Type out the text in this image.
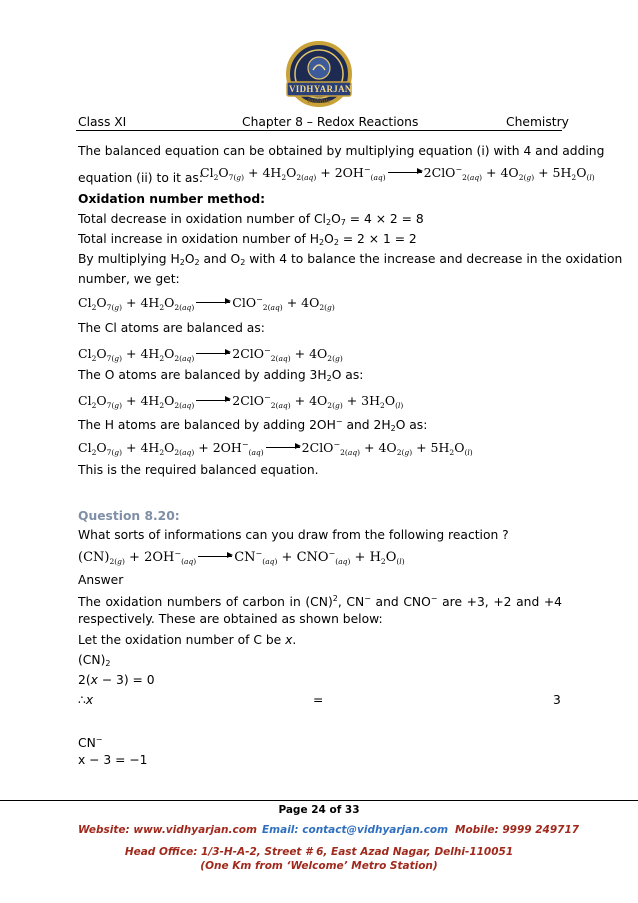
VIDHYARJAN
Institute
Class XI	Chapter 8 – Redox Reactions	Chemistry
The balanced equation can be obtained by multiplying equation (i) with 4 and adding
equation (ii) to it as:
$Cl_2O_{7(g)} + 4H_2O_{2(aq)} + 2OH^-_{(aq)}$	$2ClO^-_{2(aq)} + 4O_{2(g)} + 5H_2O_{(l)}$
Oxidation number method:
Total decrease in oxidation number of $Cl_2O_7 = 4 \times 2 = 8$
Total increase in oxidation number of $H_2O_2 = 2 \times 1 = 2$
By multiplying $H_2O_2$ and $O_2$ with 4 to balance the increase and decrease in the oxidation
number, we get:
$Cl_2O_{7(g)} + 4H_2O_{2(aq)}$	$ClO^-_{2(aq)} + 4O_{2(g)}$
The Cl atoms are balanced as:
$Cl_2O_{7(g)} + 4H_2O_{2(aq)}$	$2ClO^-_{2(aq)} + 4O_{2(g)}$
The O atoms are balanced by adding $3H_2O$ as:
$Cl_2O_{7(g)} + 4H_2O_{2(aq)}$	$2ClO^-_{2(aq)} + 4O_{2(g)} + 3H_2O_{(l)}$
The H atoms are balanced by adding 2OH− and $2H_2O$ as:
$Cl_2O_{7(g)} + 4H_2O_{2(aq)} + 2OH^-_{(aq)}$	$2ClO^-_{2(aq)} + 4O_{2(g)} + 5H_2O_{(l)}$
This is the required balanced equation.
Question 8.20:
What sorts of informations can you draw from the following reaction ?
$(CN)_{2(g)} + 2OH^-_{(aq)}$	$CN^-_{(aq)} + CNO^-_{(aq)} + H_2O_{(l)}$
Answer
The oxidation numbers of carbon in (CN)$^2$, CN− and CNO− are +3, +2 and +4
respectively. These are obtained as shown below:
Let the oxidation number of C be x.
$(CN)_2$
2(x − 3) = 0
∴x	=	3
CN−
x − 3 = −1
Page 24 of 33
Website: www.vidhyarjan.com Email: contact@vidhyarjan.com Mobile: 9999 249717
Head Office: 1/3-H-A-2, Street # 6, East Azad Nagar, Delhi-110051
(One Km from ‘Welcome’ Metro Station)
